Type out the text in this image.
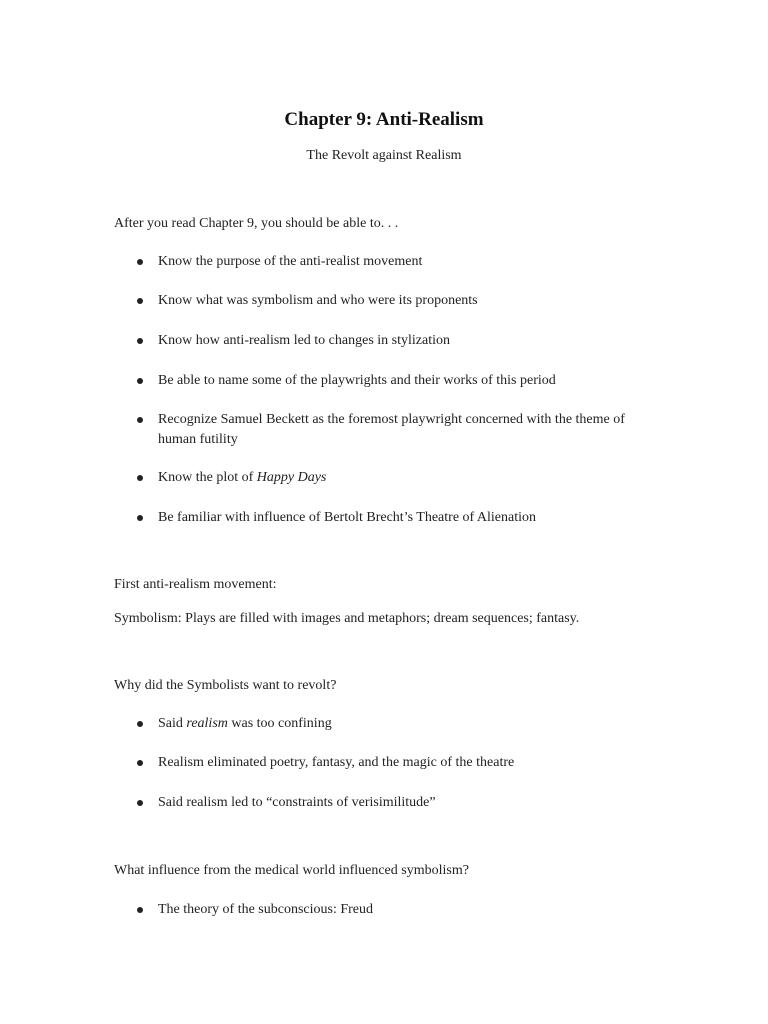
Chapter 9: Anti-Realism
The Revolt against Realism
After you read Chapter 9, you should be able to. . .
Know the purpose of the anti-realist movement
Know what was symbolism and who were its proponents
Know how anti-realism led to changes in stylization
Be able to name some of the playwrights and their works of this period
Recognize Samuel Beckett as the foremost playwright concerned with the theme of human futility
Know the plot of Happy Days
Be familiar with influence of Bertolt Brecht’s Theatre of Alienation
First anti-realism movement:
Symbolism: Plays are filled with images and metaphors; dream sequences; fantasy.
Why did the Symbolists want to revolt?
Said realism was too confining
Realism eliminated poetry, fantasy, and the magic of the theatre
Said realism led to “constraints of verisimilitude”
What influence from the medical world influenced symbolism?
The theory of the subconscious: Freud
